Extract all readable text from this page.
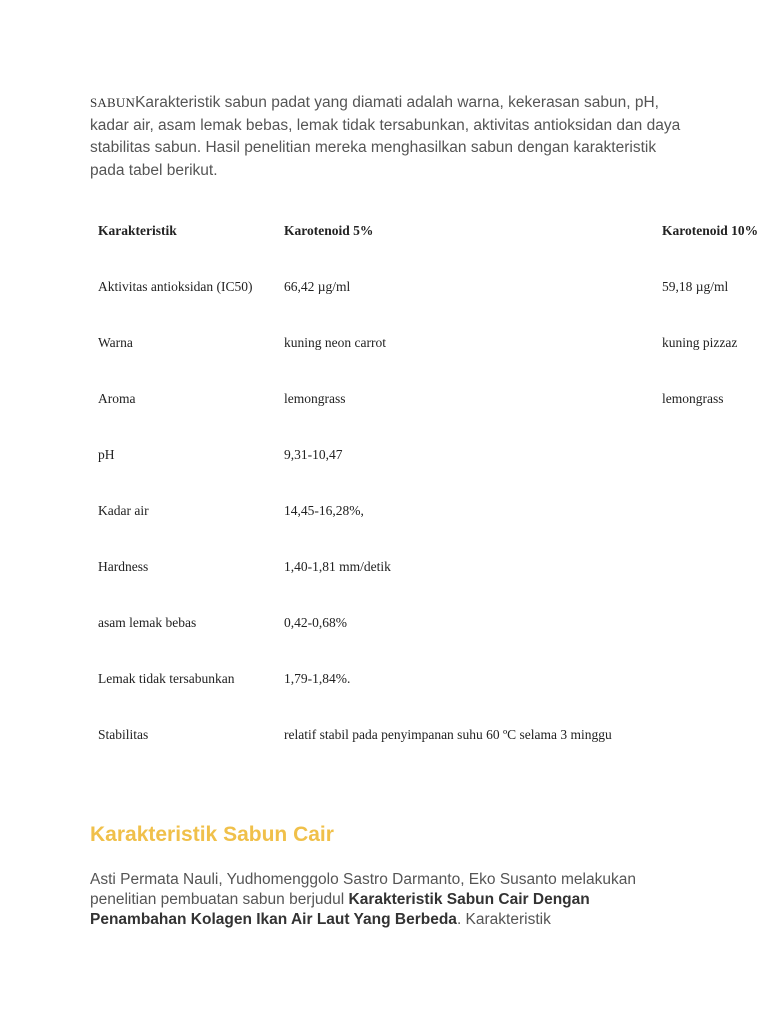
SABUNKarakteristik sabun padat yang diamati adalah warna, kekerasan sabun, pH, kadar air, asam lemak bebas, lemak tidak tersabunkan, aktivitas antioksidan dan daya stabilitas sabun. Hasil penelitian mereka menghasilkan sabun dengan karakteristik pada tabel berikut.
Karakteristik	Karotenoid 5%	Karotenoid 10%
Aktivitas antioksidan (IC50)	66,42 µg/ml	59,18 µg/ml
Warna	kuning neon carrot	kuning pizzaz
Aroma	lemongrass	lemongrass
pH	9,31-10,47
Kadar air	14,45-16,28%,
Hardness	1,40-1,81 mm/detik
asam lemak bebas	0,42-0,68%
Lemak tidak tersabunkan	1,79-1,84%.
Stabilitas	relatif stabil pada penyimpanan suhu 60 ºC selama 3 minggu
Karakteristik Sabun Cair
Asti Permata Nauli, Yudhomenggolo Sastro Darmanto, Eko Susanto melakukan penelitian pembuatan sabun berjudul Karakteristik Sabun Cair Dengan Penambahan Kolagen Ikan Air Laut Yang Berbeda. Karakteristik
